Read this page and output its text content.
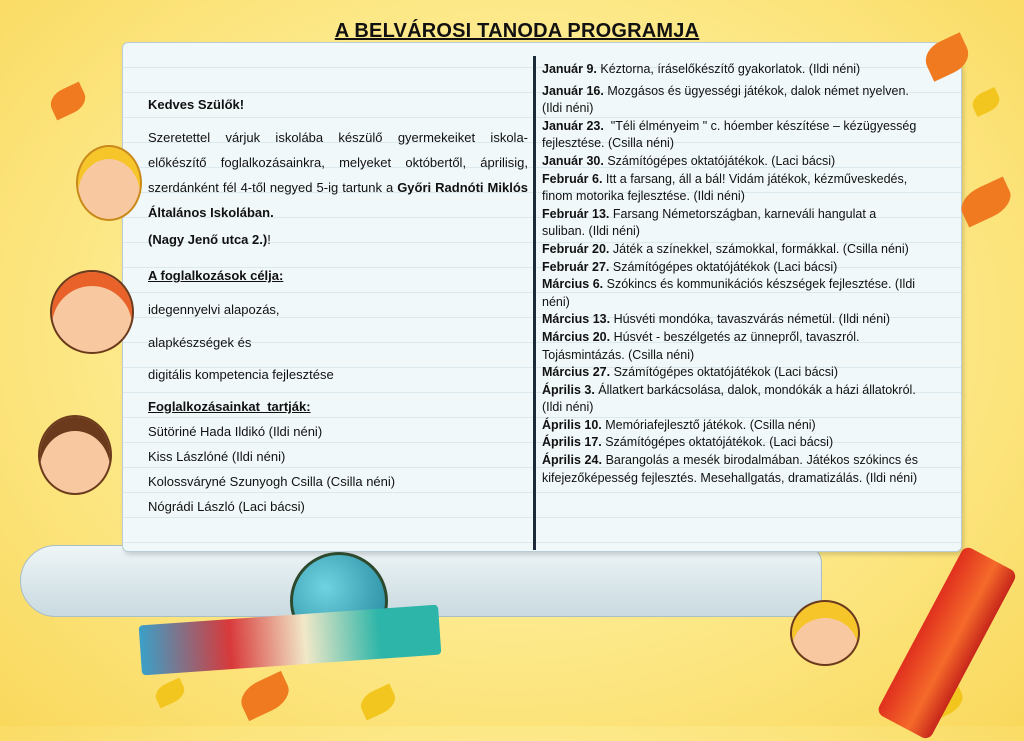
A BELVÁROSI TANODA PROGRAMJA

Kedves Szülők!

Szeretettel várjuk iskolába készülő gyermekeiket iskola-előkészítő foglalkozásainkra, melyeket októbertől, áprilisig, szerdánként fél 4-től negyed 5-ig tartunk a Győri Radnóti Miklós Általános Iskolában.

(Nagy Jenő utca 2.)!

A foglalkozások célja:

idegennyelvi alapozás,

alapkészségek és

digitális kompetencia fejlesztése

Foglalkozásainkat  tartják:

Sütöriné Hada Ildikó (Ildi néni)

Kiss Lászlóné (Ildi néni)

Kolossváryné Szunyogh Csilla (Csilla néni)

Nógrádi László (Laci bácsi)

Január 9. Kéztorna, íráselőkészítő gyakorlatok. (Ildi néni)

Január 16. Mozgásos és ügyességi játékok, dalok német nyelven. (Ildi néni)

Január 23.  "Téli élményeim " c. hóember készítése – kézügyesség fejlesztése. (Csilla néni)

Január 30. Számítógépes oktatójátékok. (Laci bácsi)

Február 6. Itt a farsang, áll a bál! Vidám játékok, kézműveskedés, finom motorika fejlesztése. (Ildi néni)

Február 13. Farsang Németországban, karneváli hangulat a suliban. (Ildi néni)

Február 20. Játék a színekkel, számokkal, formákkal. (Csilla néni)

Február 27. Számítógépes oktatójátékok (Laci bácsi)

Március 6. Szókincs és kommunikációs készségek fejlesztése. (Ildi néni)

Március 13. Húsvéti mondóka, tavaszvárás németül. (Ildi néni)

Március 20. Húsvét - beszélgetés az ünnepről, tavaszról. Tojásmintázás. (Csilla néni)

Március 27. Számítógépes oktatójátékok (Laci bácsi)

Április 3. Állatkert barkácsolása, dalok, mondókák a házi állatokról. (Ildi néni)

Április 10. Memóriafejlesztő játékok. (Csilla néni)

Április 17. Számítógépes oktatójátékok. (Laci bácsi)

Április 24. Barangolás a mesék birodalmában. Játékos szókincs és kifejezőképesség fejlesztés. Mesehallgatás, dramatizálás. (Ildi néni)
